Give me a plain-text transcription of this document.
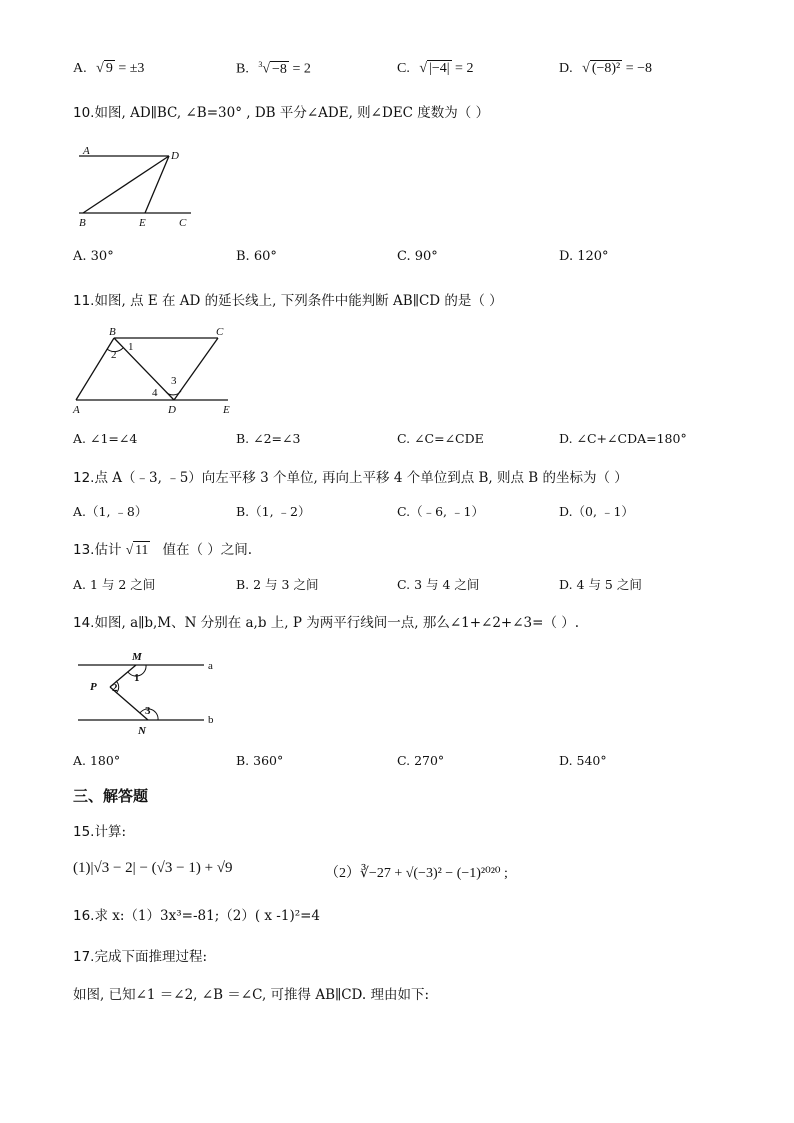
A. √ 9 = ±3	B. $^3$√ −8 = 2	C. √ |−4| = 2	D. √ (−8)² = −8
10.如图, AD∥BC, ∠B=30° , DB 平分∠ADE, 则∠DEC 度数为（ ）
A	D
B	E	C
A. 30°	B. 60°	C. 90°	D. 120°
11.如图, 点 E 在 AD 的延长线上, 下列条件中能判断 AB∥CD 的是（ ）
B	C
1
2
3
4
A	D	E
A. ∠1=∠4	B. ∠2=∠3	C. ∠C=∠CDE	D. ∠C+∠CDA=180°
12.点 A（﹣3, ﹣5）向左平移 3 个单位, 再向上平移 4 个单位到点 B, 则点 B 的坐标为（ ）
A.（1, ﹣8）	B.（1, ﹣2）	C.（﹣6, ﹣1）	D.（0, ﹣1）
13.估计 √ 11 值在（ ）之间.
A. 1 与 2 之间	B. 2 与 3 之间	C. 3 与 4 之间	D. 4 与 5 之间
14.如图, a∥b,M、N 分别在 a,b 上, P 为两平行线间一点, 那么∠1+∠2+∠3=（ ）.
M
a
1
P 2
3
b
N
A. 180°	B. 360°	C. 270°	D. 540°
三、解答题
15.计算:
(1)|√3 − 2| − (√3 − 1) + √9	（2）∛−27 + √(−3)² − (−1)²⁰²⁰ ;
16.求 x:（1）3x³=-81;（2）( x -1)²=4
17.完成下面推理过程:
如图, 已知∠1 ＝∠2, ∠B ＝∠C, 可推得 AB∥CD. 理由如下:
